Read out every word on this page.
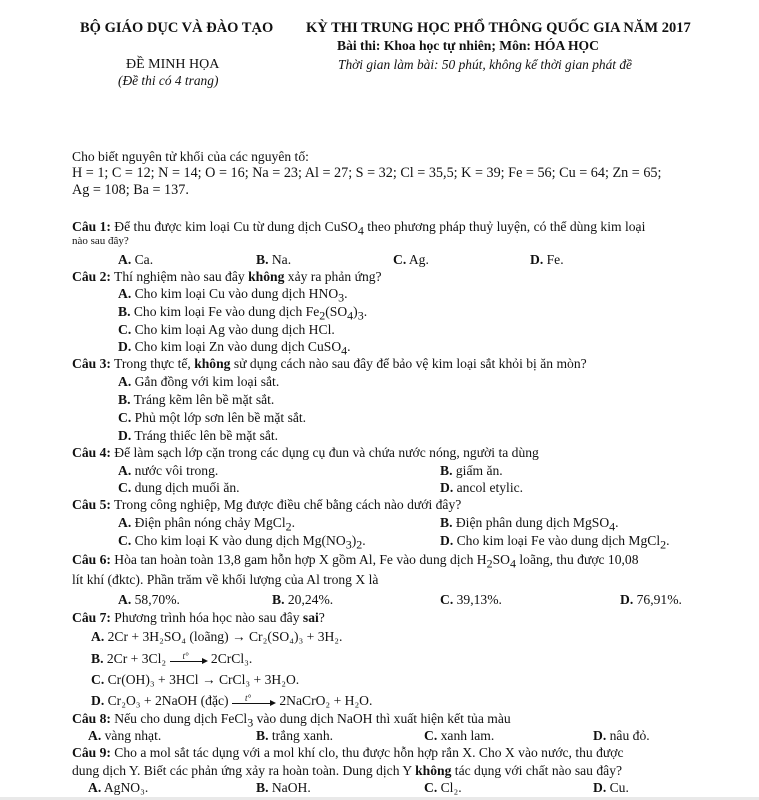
BỘ GIÁO DỤC VÀ ĐÀO TẠO KỲ THI TRUNG HỌC PHỔ THÔNG QUỐC GIA NĂM 2017
Bài thi: Khoa học tự nhiên; Môn: HÓA HỌC
ĐỀ MINH HỌA	Thời gian làm bài: 50 phút, không kể thời gian phát đề
(Đề thi có 4 trang)
Cho biết nguyên tử khối của các nguyên tố:
H = 1; C = 12; N = 14; O = 16; Na = 23; Al = 27; S = 32; Cl = 35,5; K = 39; Fe = 56; Cu = 64; Zn = 65;
Ag = 108; Ba = 137.
Câu 1: Để thu được kim loại Cu từ dung dịch CuSO$_4$ theo phương pháp thuỷ luyện, có thể dùng kim loại
nào sau đây?
A. Ca.	B. Na.	C. Ag.	D. Fe.
Câu 2: Thí nghiệm nào sau đây không xảy ra phản ứng?
A. Cho kim loại Cu vào dung dịch $HNO_3$.
B. Cho kim loại Fe vào dung dịch $Fe_2(SO_4)_3$.
C. Cho kim loại Ag vào dung dịch HCl.
D. Cho kim loại Zn vào dung dịch CuSO$_4$.
Câu 3: Trong thực tế, không sử dụng cách nào sau đây để bảo vệ kim loại sắt khỏi bị ăn mòn?
A. Gắn đồng với kim loại sắt.
B. Tráng kẽm lên bề mặt sắt.
C. Phủ một lớp sơn lên bề mặt sắt.
D. Tráng thiếc lên bề mặt sắt.
Câu 4: Để làm sạch lớp cặn trong các dụng cụ đun và chứa nước nóng, người ta dùng
A. nước vôi trong.	B. giấm ăn.
C. dung dịch muối ăn.	D. ancol etylic.
Câu 5: Trong công nghiệp, Mg được điều chế bằng cách nào dưới đây?
A. Điện phân nóng chảy MgCl$_2$.	B. Điện phân dung dịch MgSO$_4$.
C. Cho kim loại K vào dung dịch $Mg(NO_3)_2$.	D. Cho kim loại Fe vào dung dịch MgCl$_2$.
Câu 6: Hòa tan hoàn toàn 13,8 gam hỗn hợp X gồm Al, Fe vào dung dịch $H_2SO_4$ loãng, thu được 10,08
lít khí (đktc). Phần trăm về khối lượng của Al trong X là
A. 58,70%.	B. 20,24%.	C. 39,13%.	D. 76,91%.
Câu 7: Phương trình hóa học nào sau đây sai?
A. 2Cr + 3H₂SO₄ (loãng) → Cr₂(SO₄)₃ + 3H₂.
B. 2Cr + 3Cl₂ t° 2CrCl₃.
C. Cr(OH)₃ + 3HCl → CrCl₃ + 3H₂O.
D. Cr₂O₃ + 2NaOH (đặc) t° 2NaCrO₂ + H₂O.
Câu 8: Nếu cho dung dịch FeCl$_3$ vào dung dịch NaOH thì xuất hiện kết tủa màu
A. vàng nhạt.	B. trắng xanh.	C. xanh lam.	D. nâu đỏ.
Câu 9: Cho a mol sắt tác dụng với a mol khí clo, thu được hỗn hợp rắn X. Cho X vào nước, thu được
dung dịch Y. Biết các phản ứng xảy ra hoàn toàn. Dung dịch Y không tác dụng với chất nào sau đây?
A. AgNO₃.	B. NaOH.	C. Cl₂.	D. Cu.
